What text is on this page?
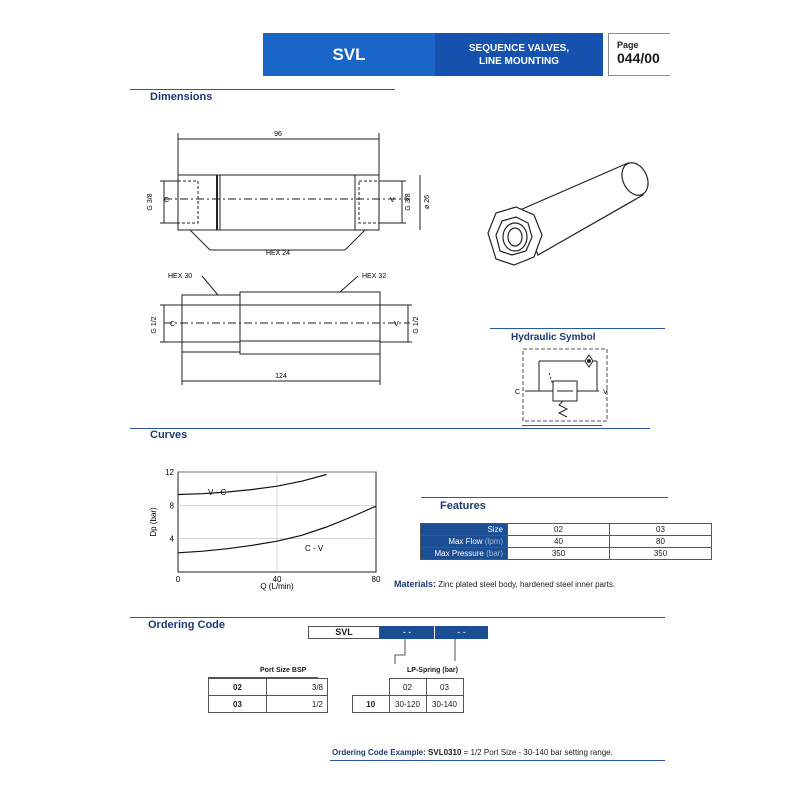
SVL	SEQUENCE VALVES,
LINE MOUNTING
Page
044/00
Dimensions
96
G 3/8 C	V G 3/8 ø 26
HEX 24
HEX 30	HEX 32
G 1/2 C	V G 1/2
124
Hydraulic Symbol
C	V
Curves
4
8
12
0	40	80
Dp (bar)
Q (L/min)
V - C
C - V
Features
Size	02	03
Max Flow (lpm)	40	80
Max Pressure (bar)	350	350
Materials: Zinc plated steel body, hardened steel inner parts.
Ordering Code
SVL	- -	- -
Port Size BSP
02	3/8
03	1/2
LP-Spring (bar)
	02	03
10	30-120	30-140
Ordering Code Example: SVL0310 = 1/2 Port Size - 30-140 bar setting range.
